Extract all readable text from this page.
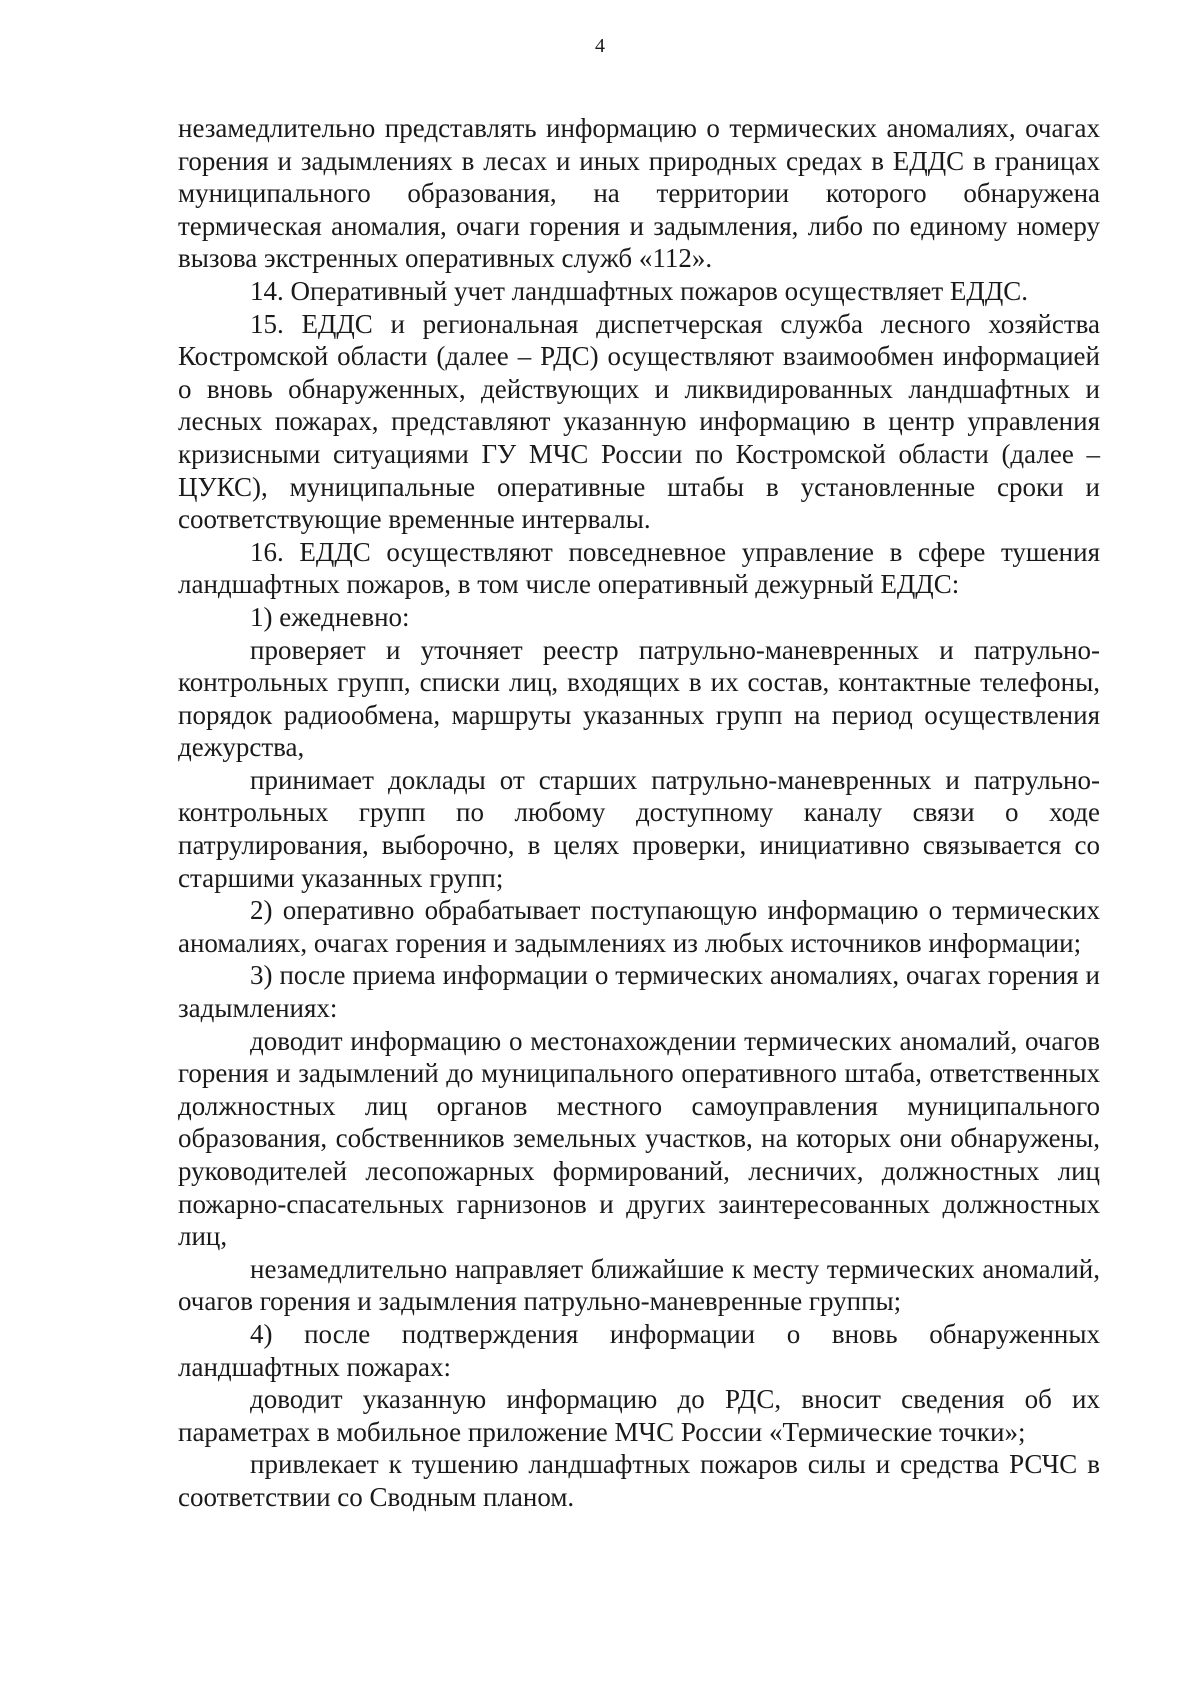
4

незамедлительно представлять информацию о термических аномалиях, очагах горения и задымлениях в лесах и иных природных средах в ЕДДС в границах муниципального образования, на территории которого обнаружена термическая аномалия, очаги горения и задымления, либо по единому номеру вызова экстренных оперативных служб «112».

14. Оперативный учет ландшафтных пожаров осуществляет ЕДДС.

15. ЕДДС и региональная диспетчерская служба лесного хозяйства Костромской области (далее – РДС) осуществляют взаимообмен информацией о вновь обнаруженных, действующих и ликвидированных ландшафтных и лесных пожарах, представляют указанную информацию в центр управления кризисными ситуациями ГУ МЧС России по Костромской области (далее – ЦУКС), муниципальные оперативные штабы в установленные сроки и соответствующие временные интервалы.

16. ЕДДС осуществляют повседневное управление в сфере тушения ландшафтных пожаров, в том числе оперативный дежурный ЕДДС:

1) ежедневно:

проверяет и уточняет реестр патрульно-маневренных и патрульно-контрольных групп, списки лиц, входящих в их состав, контактные телефоны, порядок радиообмена, маршруты указанных групп на период осуществления дежурства,

принимает доклады от старших патрульно-маневренных и патрульно-контрольных групп по любому доступному каналу связи о ходе патрулирования, выборочно, в целях проверки, инициативно связывается со старшими указанных групп;

2) оперативно обрабатывает поступающую информацию о термических аномалиях, очагах горения и задымлениях из любых источников информации;

3) после приема информации о термических аномалиях, очагах горения и задымлениях:

доводит информацию о местонахождении термических аномалий, очагов горения и задымлений до муниципального оперативного штаба, ответственных должностных лиц органов местного самоуправления муниципального образования, собственников земельных участков, на которых они обнаружены, руководителей лесопожарных формирований, лесничих, должностных лиц пожарно-спасательных гарнизонов и других заинтересованных должностных лиц,

незамедлительно направляет ближайшие к месту термических аномалий, очагов горения и задымления патрульно-маневренные группы;

4) после подтверждения информации о вновь обнаруженных ландшафтных пожарах:

доводит указанную информацию до РДС, вносит сведения об их параметрах в мобильное приложение МЧС России «Термические точки»;

привлекает к тушению ландшафтных пожаров силы и средства РСЧС в соответствии со Сводным планом.
